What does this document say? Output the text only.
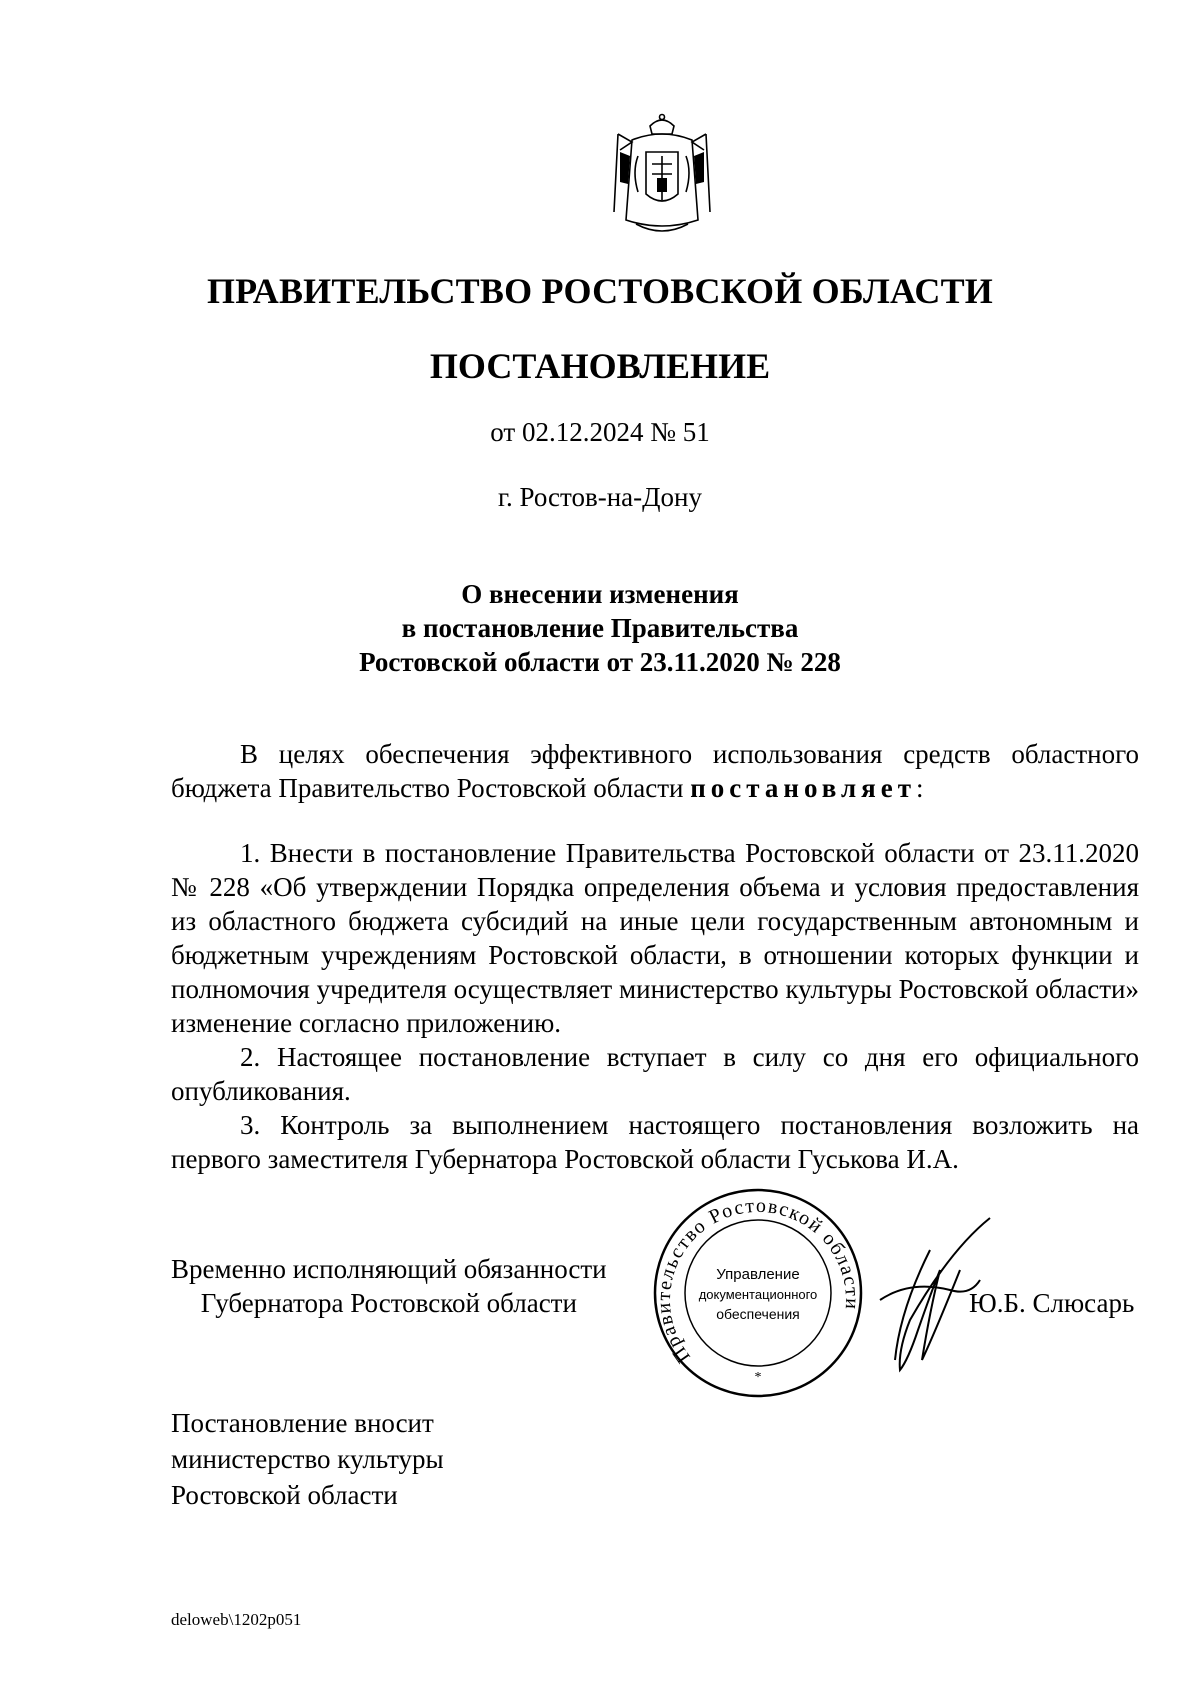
ПРАВИТЕЛЬСТВО РОСТОВСКОЙ ОБЛАСТИ
ПОСТАНОВЛЕНИЕ
от 02.12.2024 № 51
г. Ростов-на-Дону
О внесении изменения
в постановление Правительства
Ростовской области от 23.11.2020 № 228

В целях обеспечения эффективного использования средств областного бюджета Правительство Ростовской области постановляет:

1. Внести в постановление Правительства Ростовской области от 23.11.2020 № 228 «Об утверждении Порядка определения объема и условия предоставления из областного бюджета субсидий на иные цели государственным автономным и бюджетным учреждениям Ростовской области, в отношении которых функции и полномочия учредителя осуществляет министерство культуры Ростовской области» изменение согласно приложению.

2. Настоящее постановление вступает в силу со дня его официального опубликования.

3. Контроль за выполнением настоящего постановления возложить на первого заместителя Губернатора Ростовской области Гуськова И.А.

Временно исполняющий обязанности
Губернатора Ростовской области
Правительство Ростовской области
Управление
документационного
обеспечения
*
Ю.Б. Слюсарь
Постановление вносит
министерство культуры
Ростовской области
deloweb\1202p051
